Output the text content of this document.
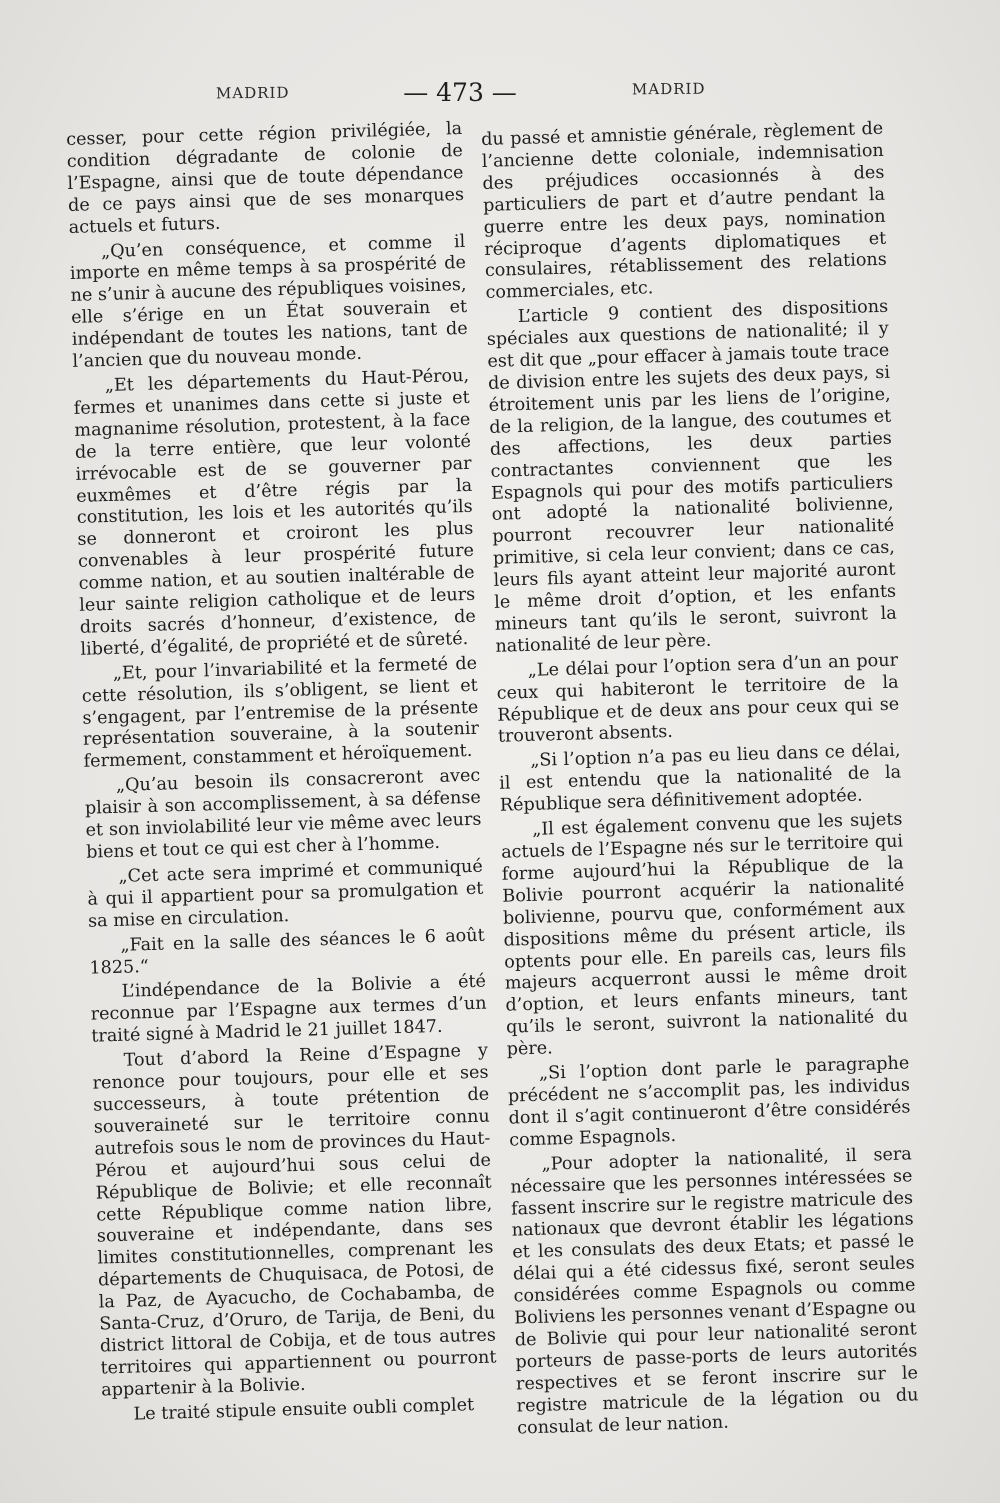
MADRID	— 473 —	MADRID

cesser, pour cette région privilégiée, la condition dégradante de colonie de l’Espagne, ainsi que de toute dépendance de ce pays ainsi que de ses monarques actuels et futurs.

„Qu’en conséquence, et comme il importe en même temps à sa prospérité de ne s’unir à aucune des républiques voisines, elle s’érige en un État souverain et indépendant de toutes les nations, tant de l’ancien que du nouveau monde.

„Et les départements du Haut-Pérou, fermes et unanimes dans cette si juste et magnanime résolution, protestent, à la face de la terre entière, que leur volonté irrévocable est de se gouverner par euxmêmes et d’être régis par la constitution, les lois et les autorités qu’ils se donneront et croiront les plus convenables à leur prospérité future comme nation, et au soutien inaltérable de leur sainte religion catholique et de leurs droits sacrés d’honneur, d’existence, de liberté, d’égalité, de propriété et de sûreté.

„Et, pour l’invariabilité et la fermeté de cette résolution, ils s’obligent, se lient et s’engagent, par l’entremise de la présente représentation souveraine, à la soutenir fermement, constamment et héroïquement.

„Qu’au besoin ils consacreront avec plaisir à son accomplissement, à sa défense et son inviolabilité leur vie même avec leurs biens et tout ce qui est cher à l’homme.

„Cet acte sera imprimé et communiqué à qui il appartient pour sa promulgation et sa mise en circulation.

„Fait en la salle des séances le 6 août 1825.“

L’indépendance de la Bolivie a été reconnue par l’Espagne aux termes d’un traité signé à Madrid le 21 juillet 1847.

Tout d’abord la Reine d’Espagne y renonce pour toujours, pour elle et ses successeurs, à toute prétention de souveraineté sur le territoire connu autrefois sous le nom de provinces du Haut-Pérou et aujourd’hui sous celui de République de Bolivie; et elle reconnaît cette République comme nation libre, souveraine et indépendante, dans ses limites constitutionnelles, comprenant les départements de Chuquisaca, de Potosi, de la Paz, de Ayacucho, de Cochabamba, de Santa-Cruz, d’Oruro, de Tarija, de Beni, du district littoral de Cobija, et de tous autres territoires qui appartiennent ou pourront appartenir à la Bolivie.

Le traité stipule ensuite oubli complet

du passé et amnistie générale, règlement de l’ancienne dette coloniale, indemnisation des préjudices occasionnés à des particuliers de part et d’autre pendant la guerre entre les deux pays, nomination réciproque d’agents diplomatiques et consulaires, rétablissement des relations commerciales, etc.

L’article 9 contient des dispositions spéciales aux questions de nationalité; il y est dit que „pour effacer à jamais toute trace de division entre les sujets des deux pays, si étroitement unis par les liens de l’origine, de la religion, de la langue, des coutumes et des affections, les deux parties contractantes conviennent que les Espagnols qui pour des motifs particuliers ont adopté la nationalité bolivienne, pourront recouvrer leur nationalité primitive, si cela leur convient; dans ce cas, leurs fils ayant atteint leur majorité auront le même droit d’option, et les enfants mineurs tant qu’ils le seront, suivront la nationalité de leur père.

„Le délai pour l’option sera d’un an pour ceux qui habiteront le territoire de la République et de deux ans pour ceux qui se trouveront absents.

„Si l’option n’a pas eu lieu dans ce délai, il est entendu que la nationalité de la République sera définitivement adoptée.

„Il est également convenu que les sujets actuels de l’Espagne nés sur le territoire qui forme aujourd’hui la République de la Bolivie pourront acquérir la nationalité bolivienne, pourvu que, conformément aux dispositions même du présent article, ils optents pour elle. En pareils cas, leurs fils majeurs acquerront aussi le même droit d’option, et leurs enfants mineurs, tant qu’ils le seront, suivront la nationalité du père.

„Si l’option dont parle le paragraphe précédent ne s’accomplit pas, les individus dont il s’agit continueront d’être considérés comme Espagnols.

„Pour adopter la nationalité, il sera nécessaire que les personnes intéressées se fassent inscrire sur le registre matricule des nationaux que devront établir les légations et les consulats des deux Etats; et passé le délai qui a été cidessus fixé, seront seules considérées comme Espagnols ou comme Boliviens les personnes venant d’Espagne ou de Bolivie qui pour leur nationalité seront porteurs de passe-ports de leurs autorités respectives et se feront inscrire sur le registre matricule de la légation ou du consulat de leur nation.
